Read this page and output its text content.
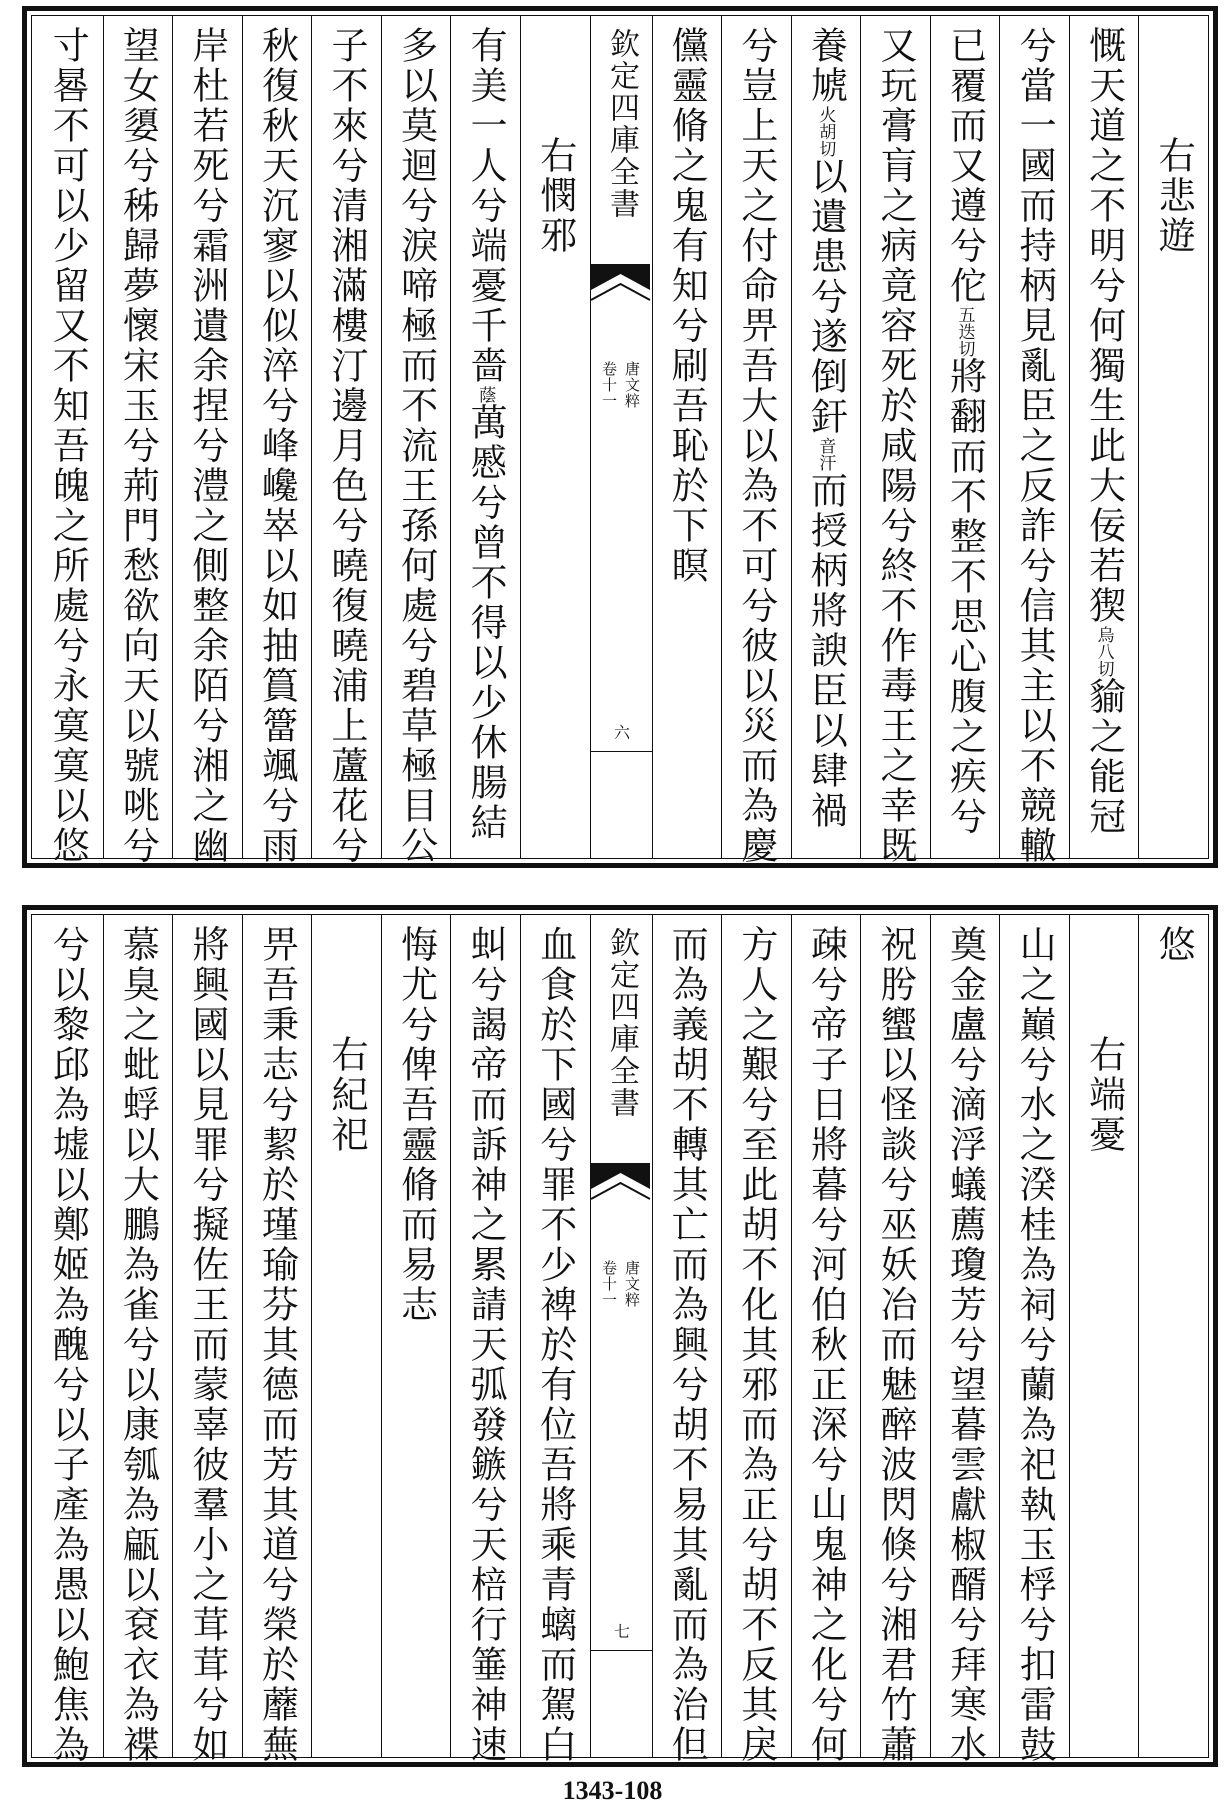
右悲遊
慨天道之不明兮何獨生此大佞若猰烏八切貐之能冠
兮當一國而持柄見亂臣之反詐兮信其主以不競轍
已覆而又遵兮佗五迭切將翻而不整不思心腹之疾兮
又玩膏肓之病竟容死於咸陽兮終不作毒王之幸既
養虓火胡切以遺患兮遂倒釬音汗而授柄將諛臣以肆禍
兮豈上天之付命畀吾大以為不可兮彼以災而為慶
儻靈脩之鬼有知兮刷吾恥於下瞑
欽定四庫全書
唐文粹
卷十一
六
右憫邪
有美一人兮端憂千嗇蔭萬慼兮曾不得以少休腸結
多以莫迴兮淚啼極而不流王孫何處兮碧草極目公
子不來兮清湘滿樓汀邊月色兮曉復曉浦上蘆花兮
秋復秋天沉寥以似淬兮峰巉崒以如抽篔簹颯兮雨
岸杜若死兮霜洲遺余捏兮澧之側整余陌兮湘之幽
望女嬃兮秭歸夢懷宋玉兮荊門愁欲向天以號咷兮
寸晷不可以少留又不知吾魄之所處兮永寞寞以悠
悠
右端憂
山之巔兮水之湀桂為祠兮蘭為祀執玉桴兮扣雷鼓
奠金盧兮滴浮蟻薦瓊芳兮望暮雲獻椒醑兮拜寒水
祝肹蠁以怪談兮巫妖冶而魅醉波閃倏兮湘君竹蕭
疎兮帝子日將暮兮河伯秋正深兮山鬼神之化兮何
方人之艱兮至此胡不化其邪而為正兮胡不反其戾
而為義胡不轉其亡而為興兮胡不易其亂而為治但
欽定四庫全書
唐文粹
卷十一
七
血食於下國兮罪不少裨於有位吾將乘青螭而駕白
虯兮謁帝而訴神之累請天弧發鏃兮天棓行箠神速
悔尤兮俾吾靈脩而易志
右紀祀
畀吾秉志兮絜於瑾瑜芬其德而芳其道兮榮於蘼蕪
將興國以見罪兮擬佐王而蒙辜彼羣小之茸茸兮如
慕臭之蚍蜉以大鵬為雀兮以康瓠為甂以袞衣為褋
兮以黎邱為墟以鄭姬為醜兮以子產為愚以鮑焦為
1343-108
